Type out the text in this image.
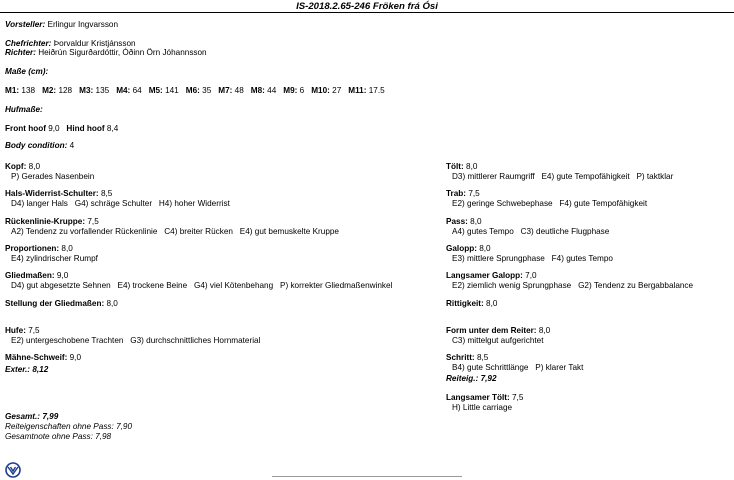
IS-2018.2.65-246 Fröken frá Ósi
Vorsteller: Erlingur Ingvarsson
Chefrichter: Þorvaldur Kristjánsson
Richter: Heiðrún Sigurðardóttir, Óðinn Örn Jóhannsson
Maße (cm):
M1: 138 M2: 128 M3: 135 M4: 64 M5: 141 M6: 35 M7: 48 M8: 44 M9: 6 M10: 27 M11: 17.5
Hufmaße:
Front hoof 9,0 Hind hoof 8,4
Body condition: 4
Kopf: 8,0
P) Gerades Nasenbein
Hals-Widerrist-Schulter: 8,5
D4) langer Hals   G4) schräge Schulter   H4) hoher Widerrist
Rückenlinie-Kruppe: 7,5
A2) Tendenz zu vorfallender Rückenlinie   C4) breiter Rücken   E4) gut bemuskelte Kruppe
Proportionen: 8,0
E4) zylindrischer Rumpf
Gliedmaßen: 9,0
D4) gut abgesetzte Sehnen   E4) trockene Beine   G4) viel Kötenbehang   P) korrekter Gliedmaßenwinkel
Stellung der Gliedmaßen: 8,0
Hufe: 7,5
E2) untergeschobene Trachten   G3) durchschnittliches Hornmaterial
Mähne-Schweif: 9,0
Exter.: 8,12
Tölt: 8,0
D3) mittlerer Raumgriff   E4) gute Tempofähigkeit   P) taktklar
Trab: 7,5
E2) geringe Schwebephase   F4) gute Tempofähigkeit
Pass: 8,0
A4) gutes Tempo   C3) deutliche Flugphase
Galopp: 8,0
E3) mittlere Sprungphase   F4) gutes Tempo
Langsamer Galopp: 7,0
E2) ziemlich wenig Sprungphase   G2) Tendenz zu Bergabbalance
Rittigkeit: 8,0
Form unter dem Reiter: 8,0
C3) mittelgut aufgerichtet
Schritt: 8,5
B4) gute Schrittlänge   P) klarer Takt
Reiteig.: 7,92
Langsamer Tölt: 7,5
H) Little carriage
Gesamt.: 7,99
Reiteigenschaften ohne Pass: 7,90
Gesamtnote ohne Pass: 7,98
